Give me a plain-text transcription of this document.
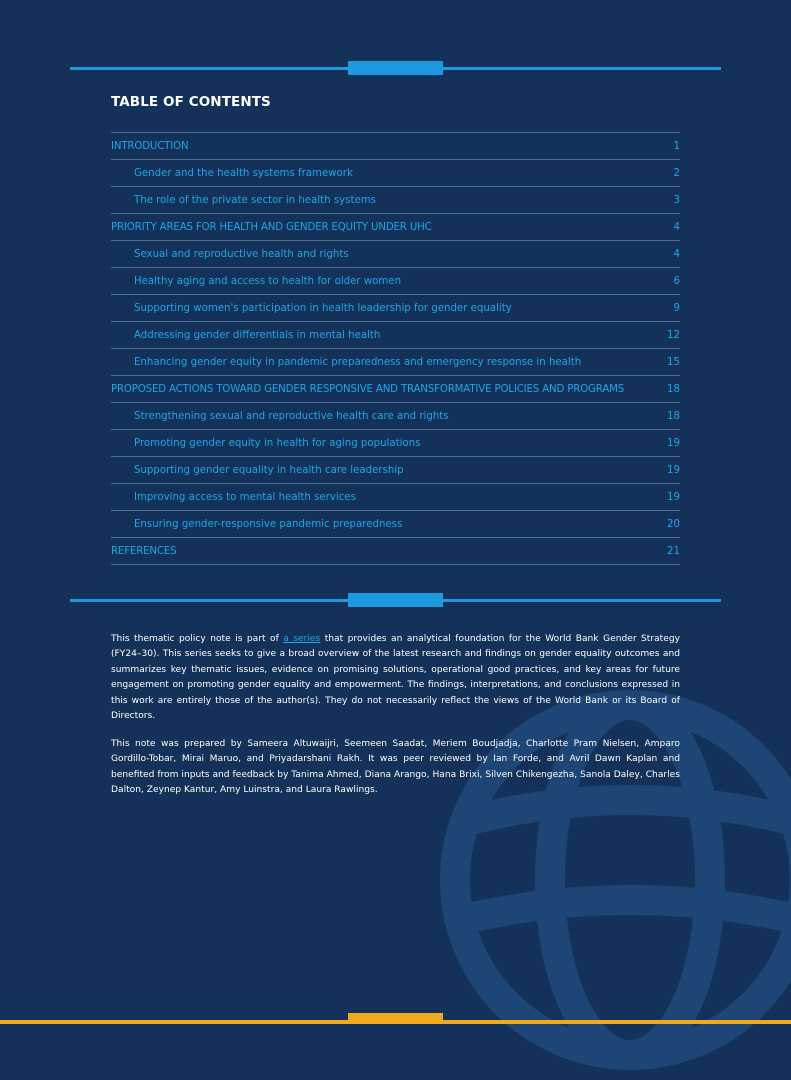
TABLE OF CONTENTS
INTRODUCTION	1
Gender and the health systems framework	2
The role of the private sector in health systems	3
PRIORITY AREAS FOR HEALTH AND GENDER EQUITY UNDER UHC	4
Sexual and reproductive health and rights	4
Healthy aging and access to health for older women	6
Supporting women's participation in health leadership for gender equality	9
Addressing gender differentials in mental health	12
Enhancing gender equity in pandemic preparedness and emergency response in health	15
PROPOSED ACTIONS TOWARD GENDER RESPONSIVE AND TRANSFORMATIVE POLICIES AND PROGRAMS	18
Strengthening sexual and reproductive health care and rights	18
Promoting gender equity in health for aging populations	19
Supporting gender equality in health care leadership	19
Improving access to mental health services	19
Ensuring gender-responsive pandemic preparedness	20
REFERENCES	21

This thematic policy note is part of a series that provides an analytical foundation for the World Bank Gender Strategy (FY24–30). This series seeks to give a broad overview of the latest research and findings on gender equality outcomes and summarizes key thematic issues, evidence on promising solutions, operational good practices, and key areas for future engagement on promoting gender equality and empowerment. The findings, interpretations, and conclusions expressed in this work are entirely those of the author(s). They do not necessarily reflect the views of the World Bank or its Board of Directors.

This note was prepared by Sameera Altuwaijri, Seemeen Saadat, Meriem Boudjadja, Charlotte Pram Nielsen, Amparo Gordillo-Tobar, Mirai Maruo, and Priyadarshani Rakh. It was peer reviewed by Ian Forde, and Avril Dawn Kaplan and benefited from inputs and feedback by Tanima Ahmed, Diana Arango, Hana Brixi, Silven Chikengezha, Sanola Daley, Charles Dalton, Zeynep Kantur, Amy Luinstra, and Laura Rawlings.
